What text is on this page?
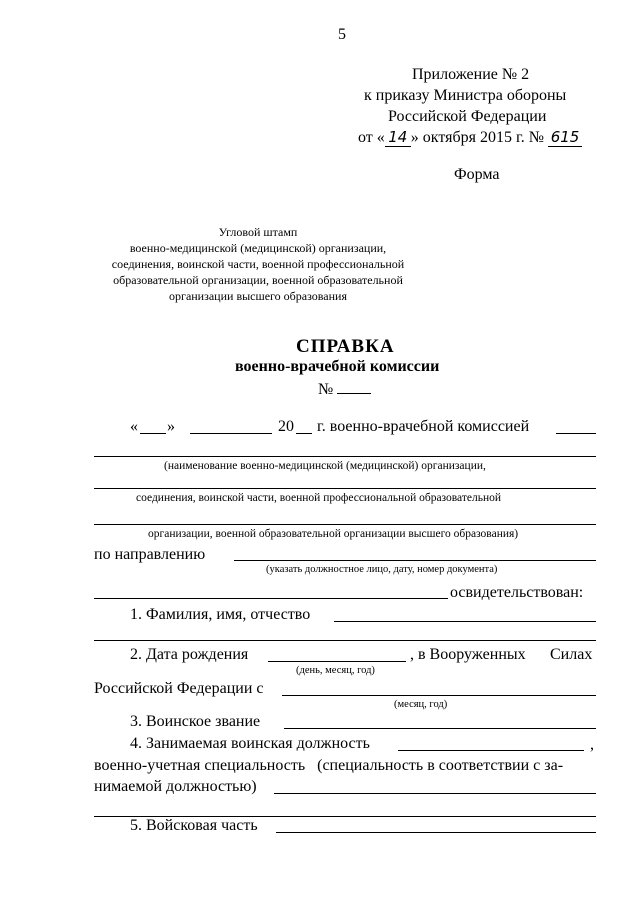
5
Приложение № 2
к приказу Министра обороны
Российской Федерации
от « 14 » октября 2015 г. № 615
Форма
Угловой штамп
военно-медицинской (медицинской) организации,
соединения, воинской части, военной профессиональной
образовательной организации, военной образовательной
организации высшего образования
СПРАВКА
военно-врачебной комиссии
№
« »	20 г. военно-врачебной комиссией
(наименование военно-медицинской (медицинской) организации,
соединения, воинской части, военной профессиональной образовательной
организации, военной образовательной организации высшего образования)
по направлению
(указать должностное лицо, дату, номер документа)
освидетельствован:
1. Фамилия, имя, отчество
2. Дата рождения	, в Вооруженных Силах
(день, месяц, год)
Российской Федерации с
(месяц, год)
3. Воинское звание
4. Занимаемая воинская должность	,
военно-учетная специальность   (специальность в соответствии с за-
нимаемой должностью)
5. Войсковая часть
